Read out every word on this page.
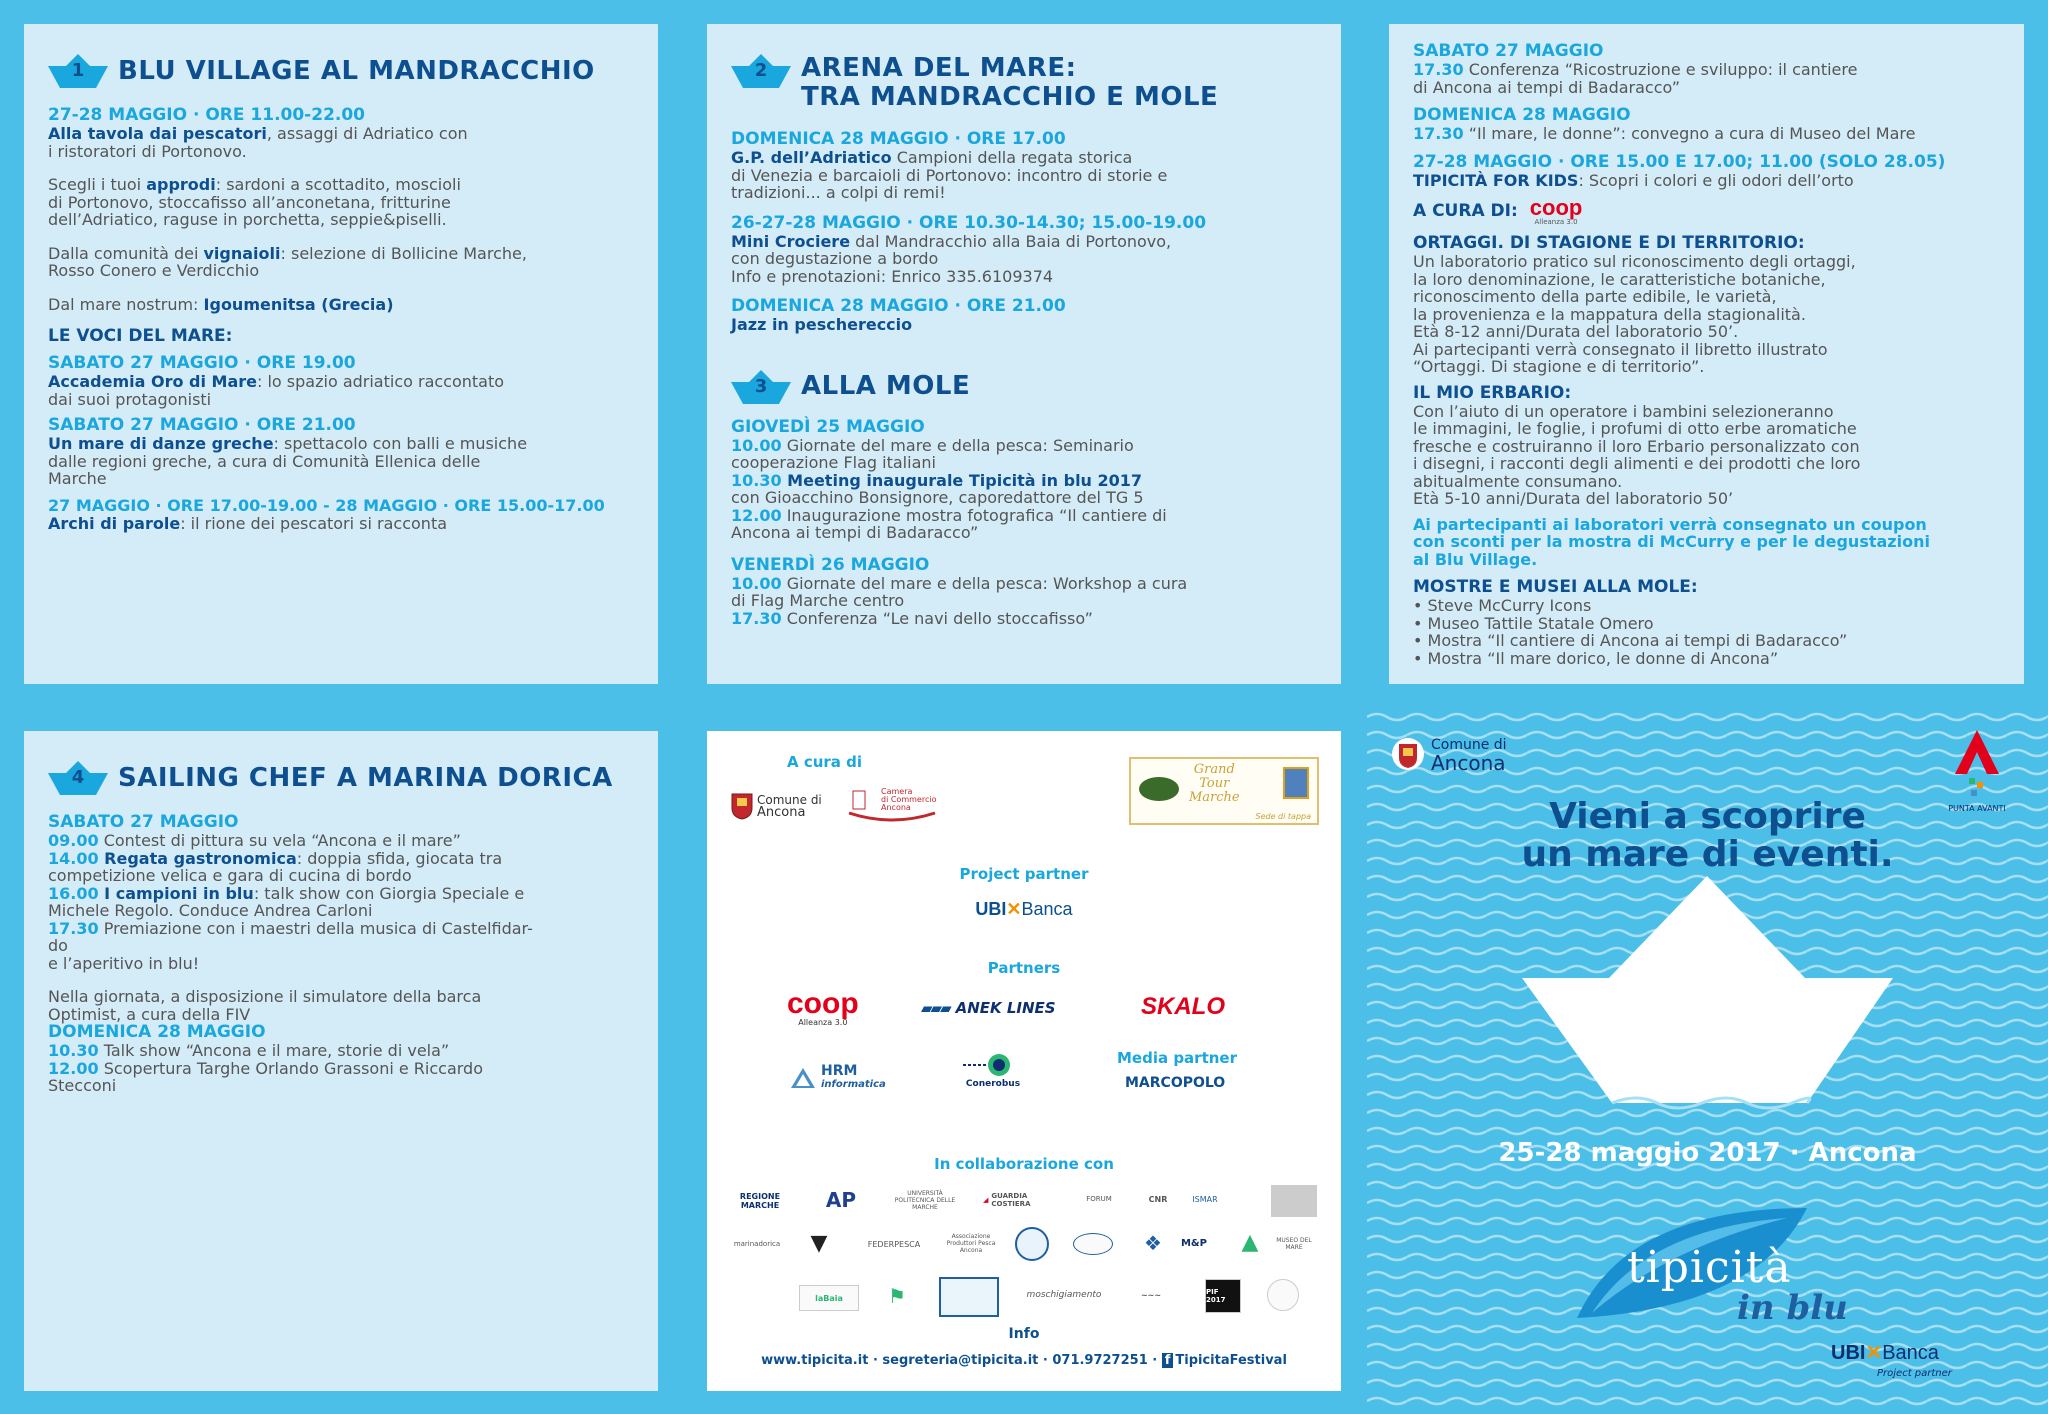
1	BLU VILLAGE AL MANDRACCHIO
27-28 MAGGIO · ORE 11.00-22.00
Alla tavola dai pescatori, assaggi di Adriatico con
i ristoratori di Portonovo.
Scegli i tuoi approdi: sardoni a scottadito, moscioli
di Portonovo, stoccafisso all’anconetana, fritturine
dell’Adriatico, raguse in porchetta, seppie&piselli.
Dalla comunità dei vignaioli: selezione di Bollicine Marche,
Rosso Conero e Verdicchio
Dal mare nostrum: Igoumenitsa (Grecia)
LE VOCI DEL MARE:
SABATO 27 MAGGIO · ORE 19.00
Accademia Oro di Mare: lo spazio adriatico raccontato
dai suoi protagonisti
SABATO 27 MAGGIO · ORE 21.00
Un mare di danze greche: spettacolo con balli e musiche
dalle regioni greche, a cura di Comunità Ellenica delle
Marche
27 MAGGIO · ORE 17.00-19.00 - 28 MAGGIO · ORE 15.00-17.00
Archi di parole: il rione dei pescatori si racconta
2	ARENA DEL MARE:
TRA MANDRACCHIO E MOLE
DOMENICA 28 MAGGIO · ORE 17.00
G.P. dell’Adriatico Campioni della regata storica
di Venezia e barcaioli di Portonovo: incontro di storie e
tradizioni... a colpi di remi!
26-27-28 MAGGIO · ORE 10.30-14.30; 15.00-19.00
Mini Crociere dal Mandracchio alla Baia di Portonovo,
con degustazione a bordo
Info e prenotazioni: Enrico 335.6109374
DOMENICA 28 MAGGIO · ORE 21.00
Jazz in peschereccio
3	ALLA MOLE
GIOVEDÌ 25 MAGGIO
10.00 Giornate del mare e della pesca: Seminario
cooperazione Flag italiani
10.30 Meeting inaugurale Tipicità in blu 2017
con Gioacchino Bonsignore, caporedattore del TG 5
12.00 Inaugurazione mostra fotografica “Il cantiere di
Ancona ai tempi di Badaracco”
VENERDÌ 26 MAGGIO
10.00 Giornate del mare e della pesca: Workshop a cura
di Flag Marche centro
17.30 Conferenza “Le navi dello stoccafisso”
SABATO 27 MAGGIO
17.30 Conferenza “Ricostruzione e sviluppo: il cantiere
di Ancona ai tempi di Badaracco”
DOMENICA 28 MAGGIO
17.30 “Il mare, le donne”: convegno a cura di Museo del Mare
27-28 MAGGIO · ORE 15.00 E 17.00; 11.00 (SOLO 28.05)
TIPICITÀ FOR KIDS: Scopri i colori e gli odori dell’orto
A CURA DI: coop
Alleanza 3.0
ORTAGGI. DI STAGIONE E DI TERRITORIO:
Un laboratorio pratico sul riconoscimento degli ortaggi,
la loro denominazione, le caratteristiche botaniche,
riconoscimento della parte edibile, le varietà,
la provenienza e la mappatura della stagionalità.
Età 8-12 anni/Durata del laboratorio 50’.
Ai partecipanti verrà consegnato il libretto illustrato
“Ortaggi. Di stagione e di territorio”.
IL MIO ERBARIO:
Con l’aiuto di un operatore i bambini selezioneranno
le immagini, le foglie, i profumi di otto erbe aromatiche
fresche e costruiranno il loro Erbario personalizzato con
i disegni, i racconti degli alimenti e dei prodotti che loro
abitualmente consumano.
Età 5-10 anni/Durata del laboratorio 50’
Ai partecipanti ai laboratori verrà consegnato un coupon
con sconti per la mostra di McCurry e per le degustazioni
al Blu Village.
MOSTRE E MUSEI ALLA MOLE:
• Steve McCurry Icons
• Museo Tattile Statale Omero
• Mostra “Il cantiere di Ancona ai tempi di Badaracco”
• Mostra “Il mare dorico, le donne di Ancona”
4	SAILING CHEF A MARINA DORICA
SABATO 27 MAGGIO
09.00 Contest di pittura su vela “Ancona e il mare”
14.00 Regata gastronomica: doppia sfida, giocata tra
competizione velica e gara di cucina di bordo
16.00 I campioni in blu: talk show con Giorgia Speciale e
Michele Regolo. Conduce Andrea Carloni
17.30 Premiazione con i maestri della musica di Castelfidar-
do
e l’aperitivo in blu!
Nella giornata, a disposizione il simulatore della barca
Optimist, a cura della FIV
DOMENICA 28 MAGGIO
10.30 Talk show “Ancona e il mare, storie di vela”
12.00 Scopertura Targhe Orlando Grassoni e Riccardo
Stecconi
A cura di
Comune di
Ancona
Camera
di Commercio
Ancona
Grand
Tour
Marche
Sede di tappa
Project partner
UBI✕Banca
Partners
coop
Alleanza 3.0
▰▰▰ ANEK LINES	SKALO
HRM
informatica	Conerobus
Media partner
MARCOPOLO
In collaborazione con
REGIONE
MARCHE AP	UNIVERSITÀ POLITECNICA DELLE MARCHE
◢ GUARDIA COSTIERA
FORUM	CNR	ISMAR
marinadorica	▼	FEDERPESCA
Associazione
Produttori Pesca
Ancona	❖	M&P ▲	MUSEO DEL MARE
laBaia	⚑	moschigiamento	~~~	PIF 2017
Info
www.tipicita.it · segreteria@tipicita.it · 071.9727251 · f TipicitaFestival
Comune di
Ancona
PUNTA AVANTI
Vieni a scoprire
un mare di eventi.
25-28 maggio 2017 · Ancona
tipicità
in blu
UBI✕Banca
Project partner
